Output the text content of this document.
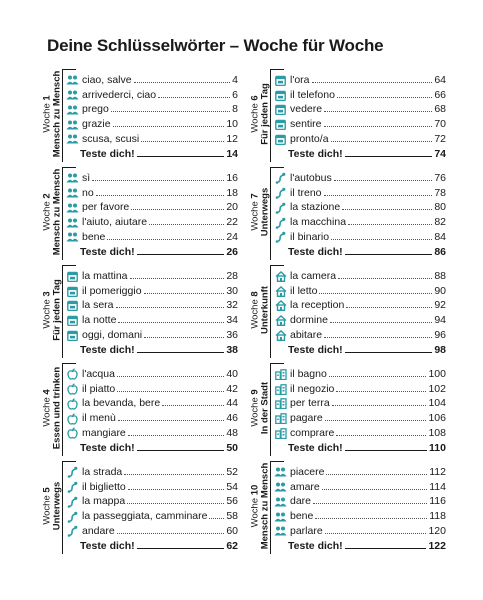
Deine Schlüsselwörter – Woche für Woche
Woche 1 Mensch zu Mensch ciao, salve	4
arrivederci, ciao	6
prego	8
grazie	10
scusa, scusi	12
Teste dich!	14
Woche 2 Mensch zu Mensch sì	16
no	18
per favore	20
l'aiuto, aiutare	22
bene	24
Teste dich!	26
Woche 3 Für jeden Tag
la mattina	28
il pomeriggio	30
la sera	32
la notte	34
oggi, domani	36
Teste dich!	38
Woche 4 Essen und trinken l'acqua	40
il piatto	42
la bevanda, bere	44
il menù	46
mangiare	48
Teste dich!	50
Woche 5 Unterwegs
la strada	52
il biglietto	54
la mappa	56
la passeggiata, camminare 58
andare	60
Teste dich!	62
Woche 6 Für jeden Tag
l'ora	64
il telefono	66
vedere	68
sentire	70
pronto/a	72
Teste dich!	74
Woche 7 Unterwegs
l'autobus	76
il treno	78
la stazione	80
la macchina	82
il binario	84
Teste dich!	86
Woche 8 Unterkunft
la camera	88
il letto	90
la reception	92
dormine	94
abitare	96
Teste dich!	98
Woche 9 In der Stadt
il bagno	100
il negozio	102
per terra	104
pagare	106
comprare	108
Teste dich!	110
Woche 10 Mensch zu Mensch piacere	112
amare	114
dare	116
bene	118
parlare	120
Teste dich!	122
